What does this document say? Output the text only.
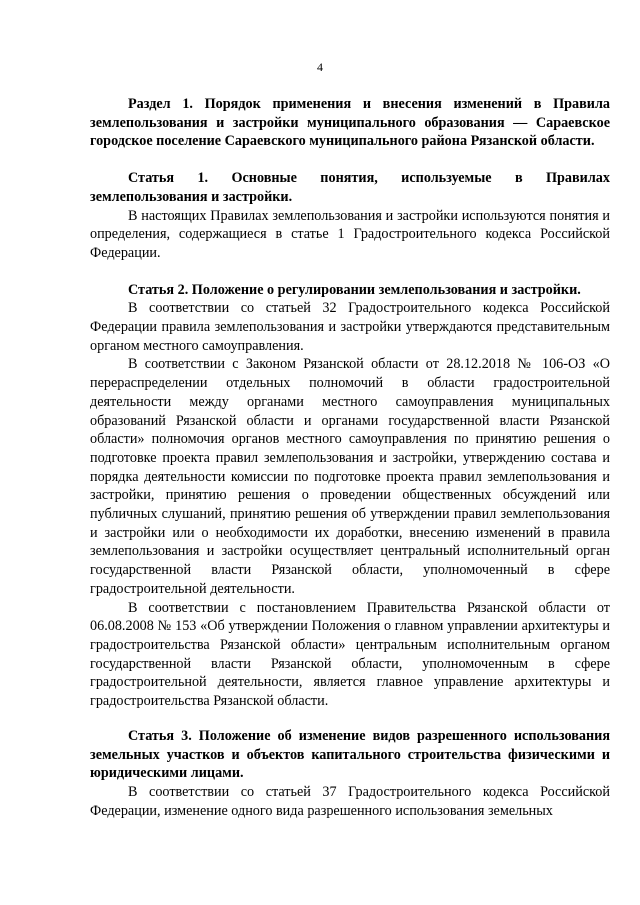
4

Раздел 1. Порядок применения и внесения изменений в Правила землепользования и застройки муниципального образования — Сараевское городское поселение Сараевского муниципального района Рязанской области.

Статья 1. Основные понятия, используемые в Правилах землепользования и застройки.

В настоящих Правилах землепользования и застройки используются понятия и определения, содержащиеся в статье 1 Градостроительного кодекса Российской Федерации.

Статья 2. Положение о регулировании землепользования и застройки.

В соответствии со статьей 32 Градостроительного кодекса Российской Федерации правила землепользования и застройки утверждаются представительным органом местного самоуправления.

В соответствии с Законом Рязанской области от 28.12.2018 № 106-ОЗ «О перераспределении отдельных полномочий в области градостроительной деятельности между органами местного самоуправления муниципальных образований Рязанской области и органами государственной власти Рязанской области» полномочия органов местного самоуправления по принятию решения о подготовке проекта правил землепользования и застройки, утверждению состава и порядка деятельности комиссии по подготовке проекта правил землепользования и застройки, принятию решения о проведении общественных обсуждений или публичных слушаний, принятию решения об утверждении правил землепользования и застройки или о необходимости их доработки, внесению изменений в правила землепользования и застройки осуществляет центральный исполнительный орган государственной власти Рязанской области, уполномоченный в сфере градостроительной деятельности.

В соответствии с постановлением Правительства Рязанской области от 06.08.2008 № 153 «Об утверждении Положения о главном управлении архитектуры и градостроительства Рязанской области» центральным исполнительным органом государственной власти Рязанской области, уполномоченным в сфере градостроительной деятельности, является главное управление архитектуры и градостроительства Рязанской области.

Статья 3. Положение об изменение видов разрешенного использования земельных участков и объектов капитального строительства физическими и юридическими лицами.

В соответствии со статьей 37 Градостроительного кодекса Российской Федерации, изменение одного вида разрешенного использования земельных
